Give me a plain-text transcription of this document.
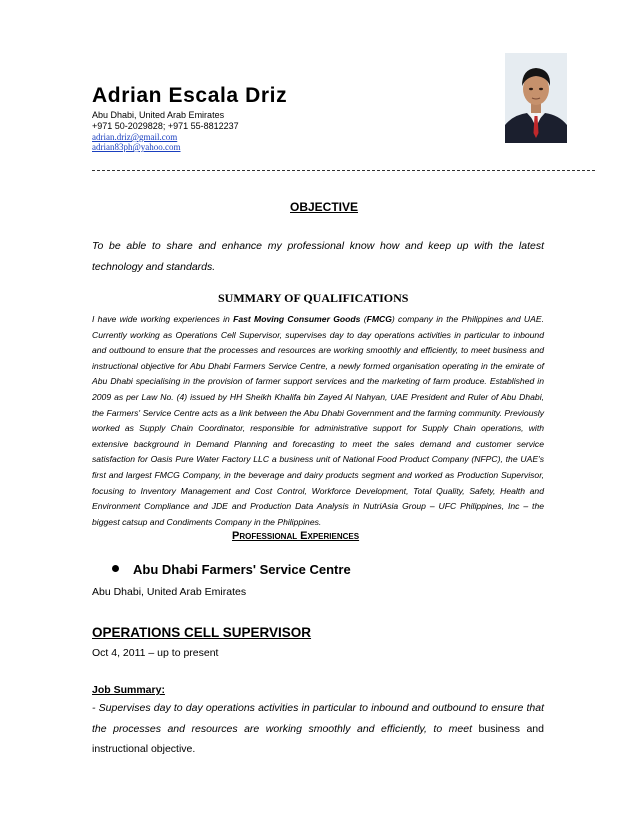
Adrian Escala Driz
Abu Dhabi, United Arab Emirates
+971 50-2029828; +971 55-8812237
adrian.driz@gmail.com
adrian83ph@yahoo.com
OBJECTIVE
To be able to share and enhance my professional know how and keep up with the latest technology and standards.
SUMMARY OF QUALIFICATIONS
I have wide working experiences in Fast Moving Consumer Goods (FMCG) company in the Philippines and UAE. Currently working as Operations Cell Supervisor, supervises day to day operations activities in particular to inbound and outbound to ensure that the processes and resources are working smoothly and efficiently, to meet business and instructional objective for Abu Dhabi Farmers Service Centre, a newly formed organisation operating in the emirate of Abu Dhabi specialising in the provision of farmer support services and the marketing of farm produce. Established in 2009 as per Law No. (4) issued by HH Sheikh Khalifa bin Zayed Al Nahyan, UAE President and Ruler of Abu Dhabi, the Farmers' Service Centre acts as a link between the Abu Dhabi Government and the farming community. Previously worked as Supply Chain Coordinator, responsible for administrative support for Supply Chain operations, with extensive background in Demand Planning and forecasting to meet the sales demand and customer service satisfaction for Oasis Pure Water Factory LLC a business unit of National Food Product Company (NFPC), the UAE's first and largest FMCG Company, in the beverage and dairy products segment and worked as Production Supervisor, focusing to Inventory Management and Cost Control, Workforce Development, Total Quality, Safety, Health and Environment Compliance and JDE and Production Data Analysis in NutriAsia Group – UFC Philippines, Inc – the biggest catsup and Condiments Company in the Philippines.
Professional Experiences
Abu Dhabi Farmers' Service Centre
Abu Dhabi, United Arab Emirates
OPERATIONS CELL SUPERVISOR
Oct 4, 2011 – up to present
Job Summary:
- Supervises day to day operations activities in particular to inbound and outbound to ensure that the processes and resources are working smoothly and efficiently, to meet business and instructional objective.
